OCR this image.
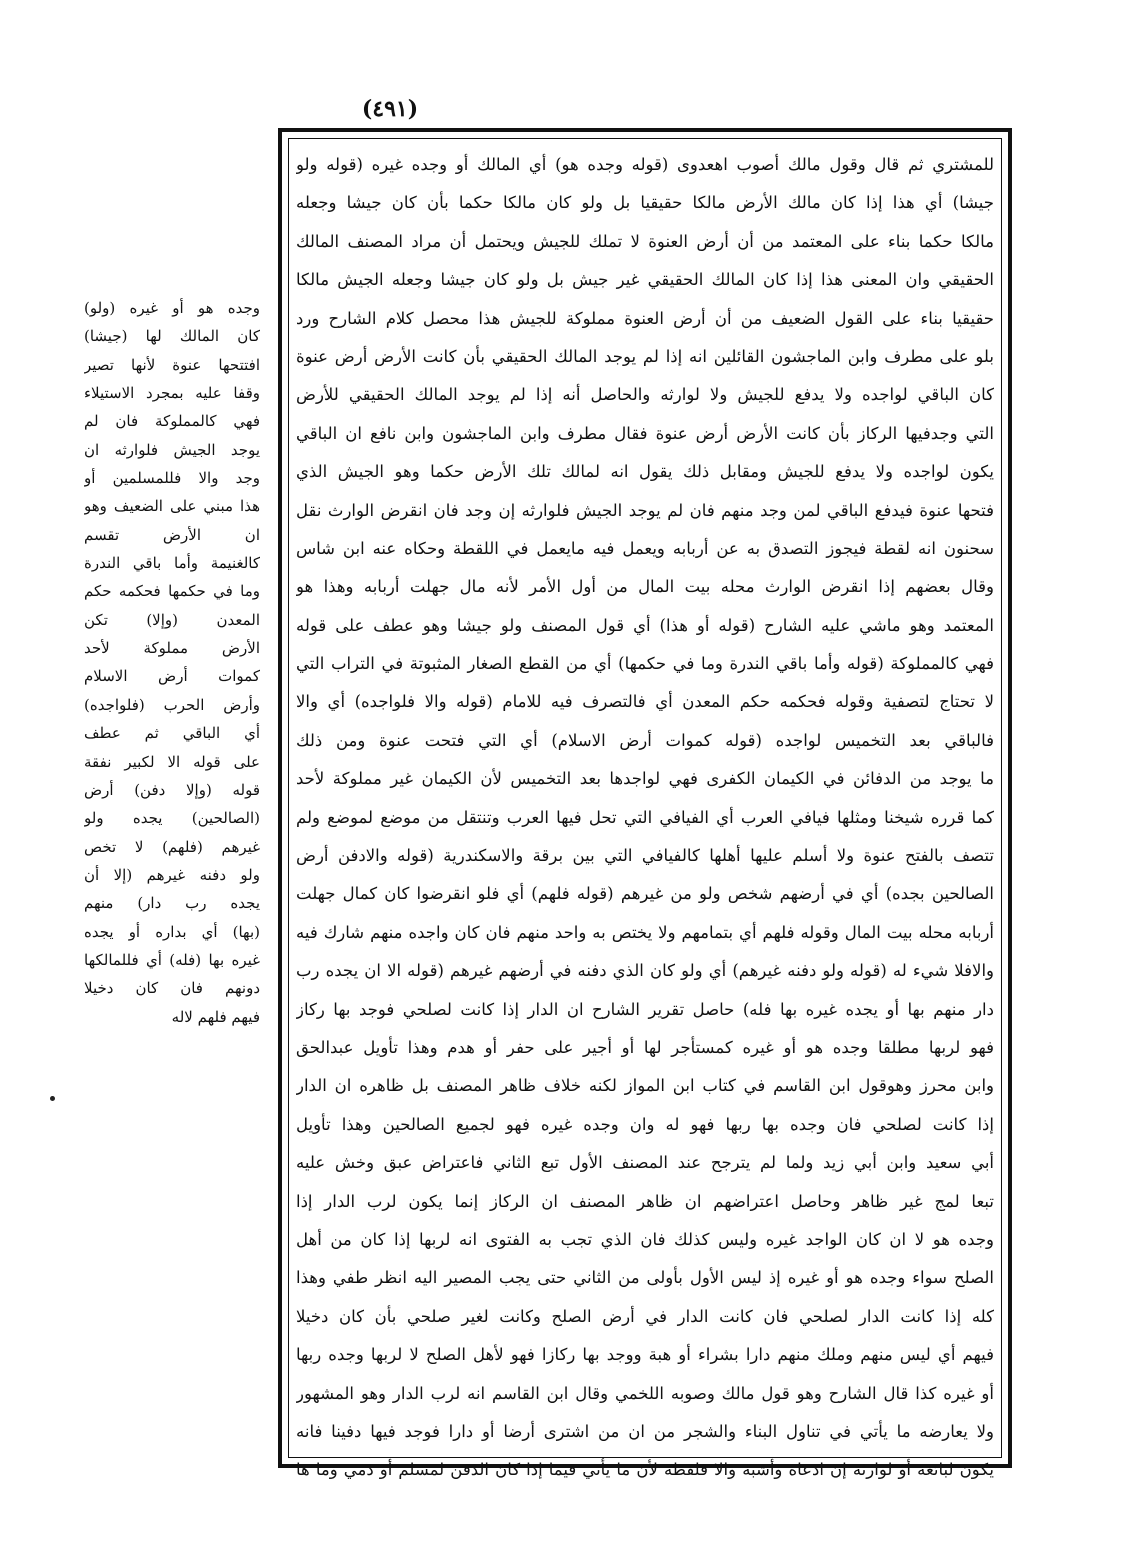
(٤٩١)
للمشتري ثم قال وقول مالك أصوب اهعدوى (قوله وجده هو) أي المالك أو وجده غيره (قوله ولو
جيشا) أي هذا إذا كان مالك الأرض مالكا حقيقيا بل ولو كان مالكا حكما بأن كان جيشا وجعله
مالكا حكما بناء على المعتمد من أن أرض العنوة لا تملك للجيش ويحتمل أن مراد المصنف المالك
الحقيقي وان المعنى هذا إذا كان المالك الحقيقي غير جيش بل ولو كان جيشا وجعله الجيش مالكا
حقيقيا بناء على القول الضعيف من أن أرض العنوة مملوكة للجيش هذا محصل كلام الشارح ورد
بلو على مطرف وابن الماجشون القائلين انه إذا لم يوجد المالك الحقيقي بأن كانت الأرض أرض عنوة
كان الباقي لواجده ولا يدفع للجيش ولا لوارثه والحاصل أنه إذا لم يوجد المالك الحقيقي للأرض
التي وجدفيها الركاز بأن كانت الأرض أرض عنوة فقال مطرف وابن الماجشون وابن نافع ان الباقي
يكون لواجده ولا يدفع للجيش ومقابل ذلك يقول انه لمالك تلك الأرض حكما وهو الجيش الذي
فتحها عنوة فيدفع الباقي لمن وجد منهم فان لم يوجد الجيش فلوارثه إن وجد فان انقرض الوارث نقل
سحنون انه لقطة فيجوز التصدق به عن أربابه ويعمل فيه مايعمل في اللقطة وحكاه عنه ابن شاس
وقال بعضهم إذا انقرض الوارث محله بيت المال من أول الأمر لأنه مال جهلت أربابه وهذا هو
المعتمد وهو ماشي عليه الشارح (قوله أو هذا) أي قول المصنف ولو جيشا وهو عطف على قوله
فهي كالمملوكة (قوله وأما باقي الندرة وما في حكمها) أي من القطع الصغار المثبوتة في التراب التي
لا تحتاج لتصفية وقوله فحكمه حكم المعدن أي فالتصرف فيه للامام (قوله والا فلواجده) أي والا
فالباقي بعد التخميس لواجده (قوله كموات أرض الاسلام) أي التي فتحت عنوة ومن ذلك
ما يوجد من الدفائن في الكيمان الكفرى فهي لواجدها بعد التخميس لأن الكيمان غير مملوكة لأحد
كما قرره شيخنا ومثلها فيافي العرب أي الفيافي التي تحل فيها العرب وتنتقل من موضع لموضع ولم
تتصف بالفتح عنوة ولا أسلم عليها أهلها كالفيافي التي بين برقة والاسكندرية (قوله والادفن أرض
الصالحين بجده) أي في أرضهم شخص ولو من غيرهم (قوله فلهم) أي فلو انقرضوا كان كمال جهلت
أربابه محله بيت المال وقوله فلهم أي بتمامهم ولا يختص به واحد منهم فان كان واجده منهم شارك فيه
والافلا شيء له (قوله ولو دفنه غيرهم) أي ولو كان الذي دفنه في أرضهم غيرهم (قوله الا ان يجده رب
دار منهم بها أو يجده غيره بها فله) حاصل تقرير الشارح ان الدار إذا كانت لصلحي فوجد بها ركاز
فهو لربها مطلقا وجده هو أو غيره كمستأجر لها أو أجير على حفر أو هدم وهذا تأويل عبدالحق
وابن محرز وهوقول ابن القاسم في كتاب ابن المواز لكنه خلاف ظاهر المصنف بل ظاهره ان الدار
إذا كانت لصلحي فان وجده بها ربها فهو له وان وجده غيره فهو لجميع الصالحين وهذا تأويل
أبي سعيد وابن أبي زيد ولما لم يترجح عند المصنف الأول تبع الثاني فاعتراض عبق وخش عليه
تبعا لمج غير ظاهر وحاصل اعتراضهم ان ظاهر المصنف ان الركاز إنما يكون لرب الدار إذا
وجده هو لا ان كان الواجد غيره وليس كذلك فان الذي تجب به الفتوى انه لربها إذا كان من أهل
الصلح سواء وجده هو أو غيره إذ ليس الأول بأولى من الثاني حتى يجب المصير اليه انظر طفي وهذا
كله إذا كانت الدار لصلحي فان كانت الدار في أرض الصلح وكانت لغير صلحي بأن كان دخيلا
فيهم أي ليس منهم وملك منهم دارا بشراء أو هبة ووجد بها ركازا فهو لأهل الصلح لا لربها وجده ربها
أو غيره كذا قال الشارح وهو قول مالك وصوبه اللخمي وقال ابن القاسم انه لرب الدار وهو المشهور
ولا يعارضه ما يأتي في تناول البناء والشجر من ان من اشترى أرضا أو دارا فوجد فيها دفينا فانه
يكون لبائعه أو لوارثه إن ادعاه وأشبه والا فلقطة لأن ما يأتي فيما إذا كان الدفن لمسلم أو ذمي وما ها
وجده هو أو غيره (ولو)
كان المالك لها (جيشا)
افتتحها عنوة لأنها تصير
وقفا عليه بمجرد الاستيلاء
فهي كالمملوكة فان لم
يوجد الجيش فلوارثه ان
وجد والا فللمسلمين أو
هذا مبني على الضعيف وهو
ان الأرض تقسم
كالغنيمة وأما باقي الندرة
وما في حكمها فحكمه حكم
المعدن (وإلا) تكن
الأرض مملوكة لأحد
كموات أرض الاسلام
وأرض الحرب (فلواجده)
أي الباقي ثم عطف
على قوله الا لكبير نفقة
قوله (وإلا دفن) أرض
(الصالحين) يجده ولو
غيرهم (فلهم) لا تخص
ولو دفنه غيرهم (إلا أن
يجده رب دار) منهم
(بها) أي بداره أو يجده
غيره بها (فله) أي فللمالكها
دونهم فان كان دخيلا
فيهم فلهم لاله
